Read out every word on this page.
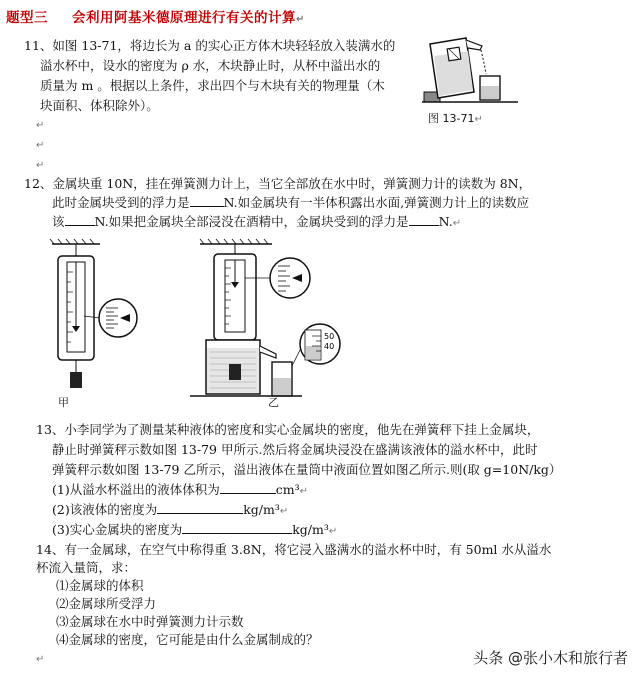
题型三 会利用阿基米德原理进行有关的计算↵
11、如图 13-71，将边长为 a 的实心正方体木块轻轻放入装满水的
溢水杯中，设水的密度为 ρ 水，木块静止时，从杯中溢出水的
质量为 m 。根据以上条件，求出四个与木块有关的物理量（木
块面积、体积除外）。
↵
↵
↵
图 13-71↵
12、金属块重 10N，挂在弹簧测力计上，当它全部放在水中时，弹簧测力计的读数为 8N，
此时金属块受到的浮力是	N.如金属块有一半体积露出水面,弹簧测力计上的读数应
该 N.如果把金属块全部浸没在酒精中，金属块受到的浮力是 N.↵
50
40
甲	乙
13、小李同学为了测量某种液体的密度和实心金属块的密度，他先在弹簧秤下挂上金属块，
静止时弹簧秤示数如图 13-79 甲所示.然后将金属块浸没在盛满该液体的溢水杯中，此时
弹簧秤示数如图 13-79 乙所示，溢出液体在量筒中液面位置如图乙所示.则(取 g=10N/kg）
(1)从溢水杯溢出的液体体积为	cm³↵
(2)该液体的密度为	kg/m³↵
(3)实心金属块的密度为	kg/m³↵
14、有一金属球，在空气中称得重 3.8N，将它浸入盛满水的溢水杯中时，有 50ml 水从溢水
杯流入量筒，求：
⑴金属球的体积
⑵金属球所受浮力
⑶金属球在水中时弹簧测力计示数
⑷金属球的密度，它可能是由什么金属制成的？
↵	头条 @张小木和旅行者
